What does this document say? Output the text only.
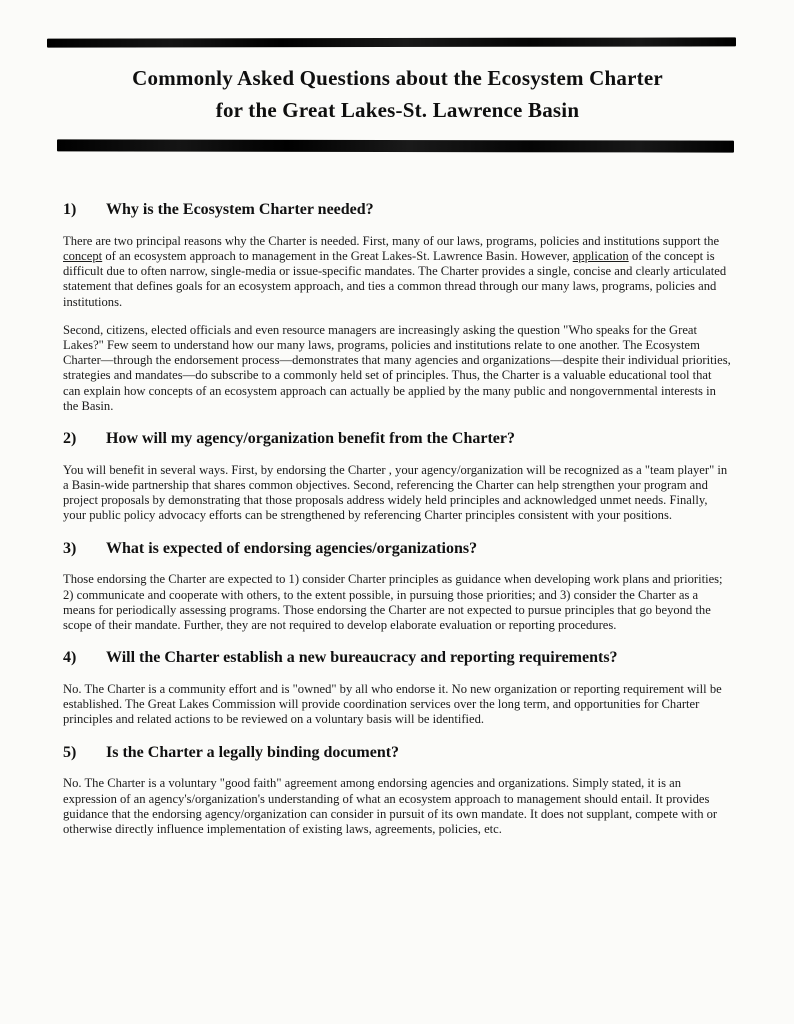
Commonly Asked Questions about the Ecosystem Charter
for the Great Lakes-St. Lawrence Basin
1)	Why is the Ecosystem Charter needed?

There are two principal reasons why the Charter is needed. First, many of our laws, programs, policies and institutions support the concept of an ecosystem approach to management in the Great Lakes-St. Lawrence Basin. However, application of the concept is difficult due to often narrow, single-media or issue-specific mandates. The Charter provides a single, concise and clearly articulated statement that defines goals for an ecosystem approach, and ties a common thread through our many laws, programs, policies and institutions.

Second, citizens, elected officials and even resource managers are increasingly asking the question "Who speaks for the Great Lakes?" Few seem to understand how our many laws, programs, policies and institutions relate to one another. The Ecosystem Charter—through the endorsement process—demonstrates that many agencies and organizations—despite their individual priorities, strategies and mandates—do subscribe to a commonly held set of principles. Thus, the Charter is a valuable educational tool that can explain how concepts of an ecosystem approach can actually be applied by the many public and nongovernmental interests in the Basin.

2)	How will my agency/organization benefit from the Charter?

You will benefit in several ways. First, by endorsing the Charter , your agency/organization will be recognized as a "team player" in a Basin-wide partnership that shares common objectives. Second, referencing the Charter can help strengthen your program and project proposals by demonstrating that those proposals address widely held principles and acknowledged unmet needs. Finally, your public policy advocacy efforts can be strengthened by referencing Charter principles consistent with your positions.

3)	What is expected of endorsing agencies/organizations?

Those endorsing the Charter are expected to 1) consider Charter principles as guidance when developing work plans and priorities; 2) communicate and cooperate with others, to the extent possible, in pursuing those priorities; and 3) consider the Charter as a means for periodically assessing programs. Those endorsing the Charter are not expected to pursue principles that go beyond the scope of their mandate. Further, they are not required to develop elaborate evaluation or reporting procedures.

4)	Will the Charter establish a new bureaucracy and reporting requirements?

No. The Charter is a community effort and is "owned" by all who endorse it. No new organization or reporting requirement will be established. The Great Lakes Commission will provide coordination services over the long term, and opportunities for Charter principles and related actions to be reviewed on a voluntary basis will be identified.

5)	Is the Charter a legally binding document?

No. The Charter is a voluntary "good faith" agreement among endorsing agencies and organizations. Simply stated, it is an expression of an agency's/organization's understanding of what an ecosystem approach to management should entail. It provides guidance that the endorsing agency/organization can consider in pursuit of its own mandate. It does not supplant, compete with or otherwise directly influence implementation of existing laws, agreements, policies, etc.
